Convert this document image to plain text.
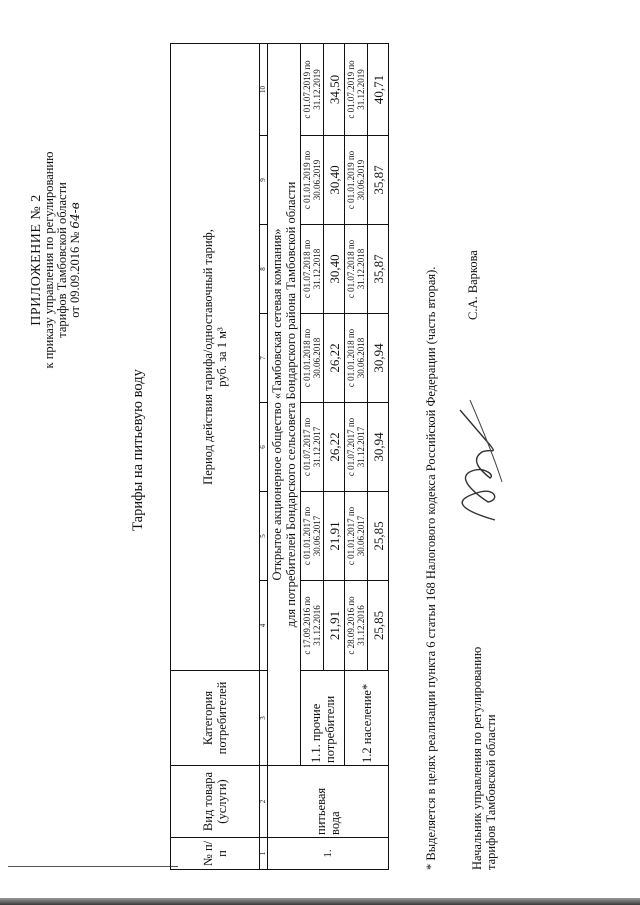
ПРИЛОЖЕНИЕ № 2
к приказу управления по регулированию тарифов Тамбовской области от 09.09.2016 № 64-в
Тарифы на питьевую воду
№ п/п	Вид товара (услуги)	Категория потребителей	Период действия тарифа/одноставочный тариф, руб. за 1 м³						

1	2	3	4	5	6	7	8	9	10
1.	питьевая вода	Открытое акционерное общество «Тамбовская сетевая компания» для потребителей Бондарского сельсовета Бондарского района Тамбовской области							

		1.1. прочие потребители	с 17.09.2016 по 31.12.2016	с 01.01.2017 по 30.06.2017	с 01.07.2017 по 31.12.2017	с 01.01.2018 по 30.06.2018	с 01.07.2018 по 31.12.2018	с 01.01.2019 по 30.06.2019	с 01.07.2019 по 31.12.2019
			21,91	21,91	26,22	26,22	30,40	30,40	34,50
		1.2 население*	с 28.09.2016 по 31.12.2016	с 01.01.2017 по 30.06.2017	с 01.07.2017 по 31.12.2017	с 01.01.2018 по 30.06.2018	с 01.07.2018 по 31.12.2018	с 01.01.2019 по 30.06.2019	с 01.07.2019 по 31.12.2019
			25,85	25,85	30,94	30,94	35,87	35,87	40,71
* Выделяется в целях реализации пункта 6 статьи 168 Налогового кодекса Российской Федерации (часть вторая).	Начальник управления по регулированию тарифов Тамбовской области
С.А. Варкова
